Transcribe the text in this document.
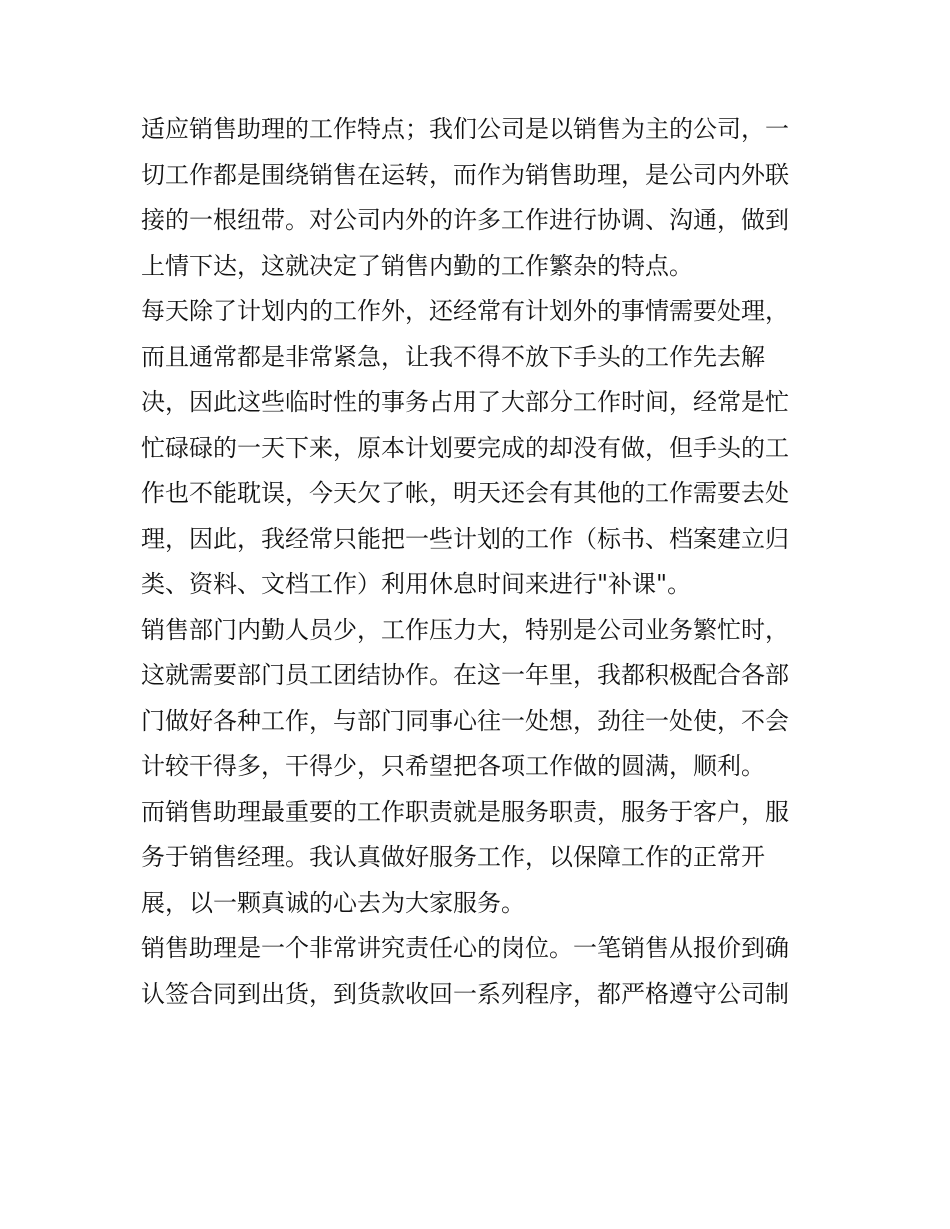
适应销售助理的工作特点；我们公司是以销售为主的公司，一
切工作都是围绕销售在运转，而作为销售助理，是公司内外联
接的一根纽带。对公司内外的许多工作进行协调、沟通，做到
上情下达，这就决定了销售内勤的工作繁杂的特点。
每天除了计划内的工作外，还经常有计划外的事情需要处理，
而且通常都是非常紧急，让我不得不放下手头的工作先去解
决，因此这些临时性的事务占用了大部分工作时间，经常是忙
忙碌碌的一天下来，原本计划要完成的却没有做，但手头的工
作也不能耽误，今天欠了帐，明天还会有其他的工作需要去处
理，因此，我经常只能把一些计划的工作（标书、档案建立归
类、资料、文档工作）利用休息时间来进行"补课"。
销售部门内勤人员少，工作压力大，特别是公司业务繁忙时，
这就需要部门员工团结协作。在这一年里，我都积极配合各部
门做好各种工作，与部门同事心往一处想，劲往一处使，不会
计较干得多，干得少，只希望把各项工作做的圆满，顺利。
而销售助理最重要的工作职责就是服务职责，服务于客户，服
务于销售经理。我认真做好服务工作，以保障工作的正常开
展，以一颗真诚的心去为大家服务。
销售助理是一个非常讲究责任心的岗位。一笔销售从报价到确
认签合同到出货，到货款收回一系列程序，都严格遵守公司制
